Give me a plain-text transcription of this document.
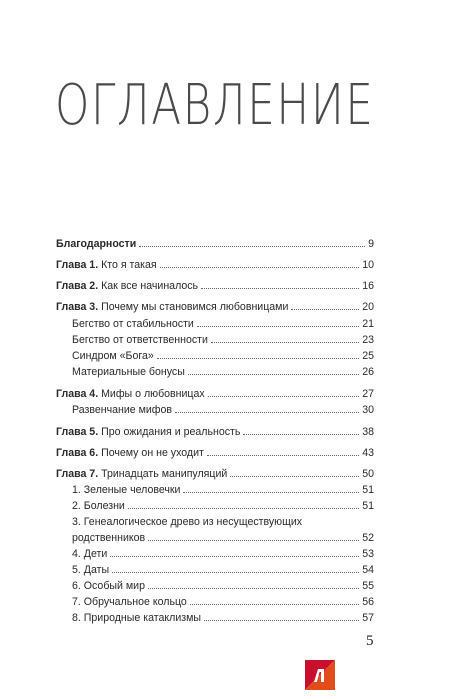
ОГЛАВЛЕНИЕ
Благодарности	9
Глава 1. Кто я такая	10
Глава 2. Как все начиналось	16
Глава 3. Почему мы становимся любовницами	20
Бегство от стабильности	21
Бегство от ответственности	23
Синдром «Бога»	25
Материальные бонусы	26
Глава 4. Мифы о любовницах	27
Развенчание мифов	30
Глава 5. Про ожидания и реальность	38
Глава 6. Почему он не уходит	43
Глава 7. Тринадцать манипуляций	50
1. Зеленые человечки	51
2. Болезни	51
3. Генеалогическое древо из несуществующих
родственников	52
4. Дети	53
5. Даты	54
6. Особый мир	55
7. Обручальное кольцо	56
8. Природные катаклизмы	57
5
